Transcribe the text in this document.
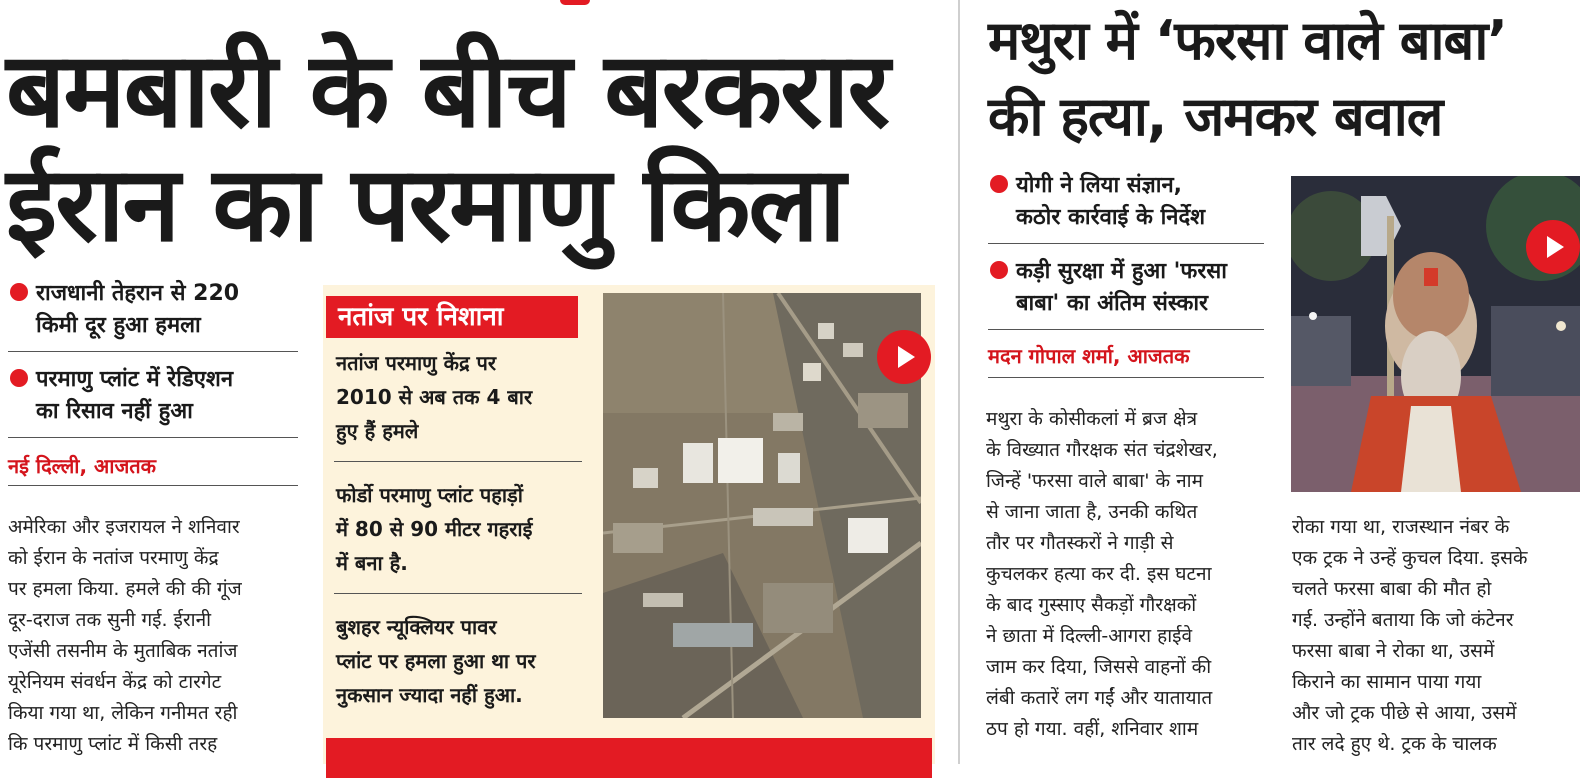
बमबारी के बीच बरकरार
ईरान का परमाणु किला
राजधानी तेहरान से 220
किमी दूर हुआ हमला
परमाणु प्लांट में रेडिएशन
का रिसाव नहीं हुआ
नई दिल्ली, आजतक
अमेरिका और इजरायल ने शनिवार
को ईरान के नतांज परमाणु केंद्र
पर हमला किया. हमले की की गूंज
दूर-दराज तक सुनी गई. ईरानी
एजेंसी तसनीम के मुताबिक नतांज
यूरेनियम संवर्धन केंद्र को टारगेट
किया गया था, लेकिन गनीमत रही
कि परमाणु प्लांट में किसी तरह
नतांज पर निशाना
नतांज परमाणु केंद्र पर
2010 से अब तक 4 बार
हुए हैं हमले
फोर्डो परमाणु प्लांट पहाड़ों
में 80 से 90 मीटर गहराई
में बना है.
बुशहर न्यूक्लियर पावर
प्लांट पर हमला हुआ था पर
नुकसान ज्यादा नहीं हुआ.
मथुरा में ‘फरसा वाले बाबा’
की हत्या, जमकर बवाल
योगी ने लिया संज्ञान,
कठोर कार्रवाई के निर्देश
कड़ी सुरक्षा में हुआ 'फरसा
बाबा' का अंतिम संस्कार
मदन गोपाल शर्मा, आजतक
मथुरा के कोसीकलां में ब्रज क्षेत्र
के विख्यात गौरक्षक संत चंद्रशेखर,
जिन्हें 'फरसा वाले बाबा' के नाम
से जाना जाता है, उनकी कथित
तौर पर गौतस्करों ने गाड़ी से
कुचलकर हत्या कर दी. इस घटना
के बाद गुस्साए सैकड़ों गौरक्षकों
ने छाता में दिल्ली-आगरा हाईवे
जाम कर दिया, जिससे वाहनों की
लंबी कतारें लग गईं और यातायात
ठप हो गया. वहीं, शनिवार शाम
रोका गया था, राजस्थान नंबर के
एक ट्रक ने उन्हें कुचल दिया. इसके
चलते फरसा बाबा की मौत हो
गई. उन्होंने बताया कि जो कंटेनर
फरसा बाबा ने रोका था, उसमें
किराने का सामान पाया गया
और जो ट्रक पीछे से आया, उसमें
तार लदे हुए थे. ट्रक के चालक
